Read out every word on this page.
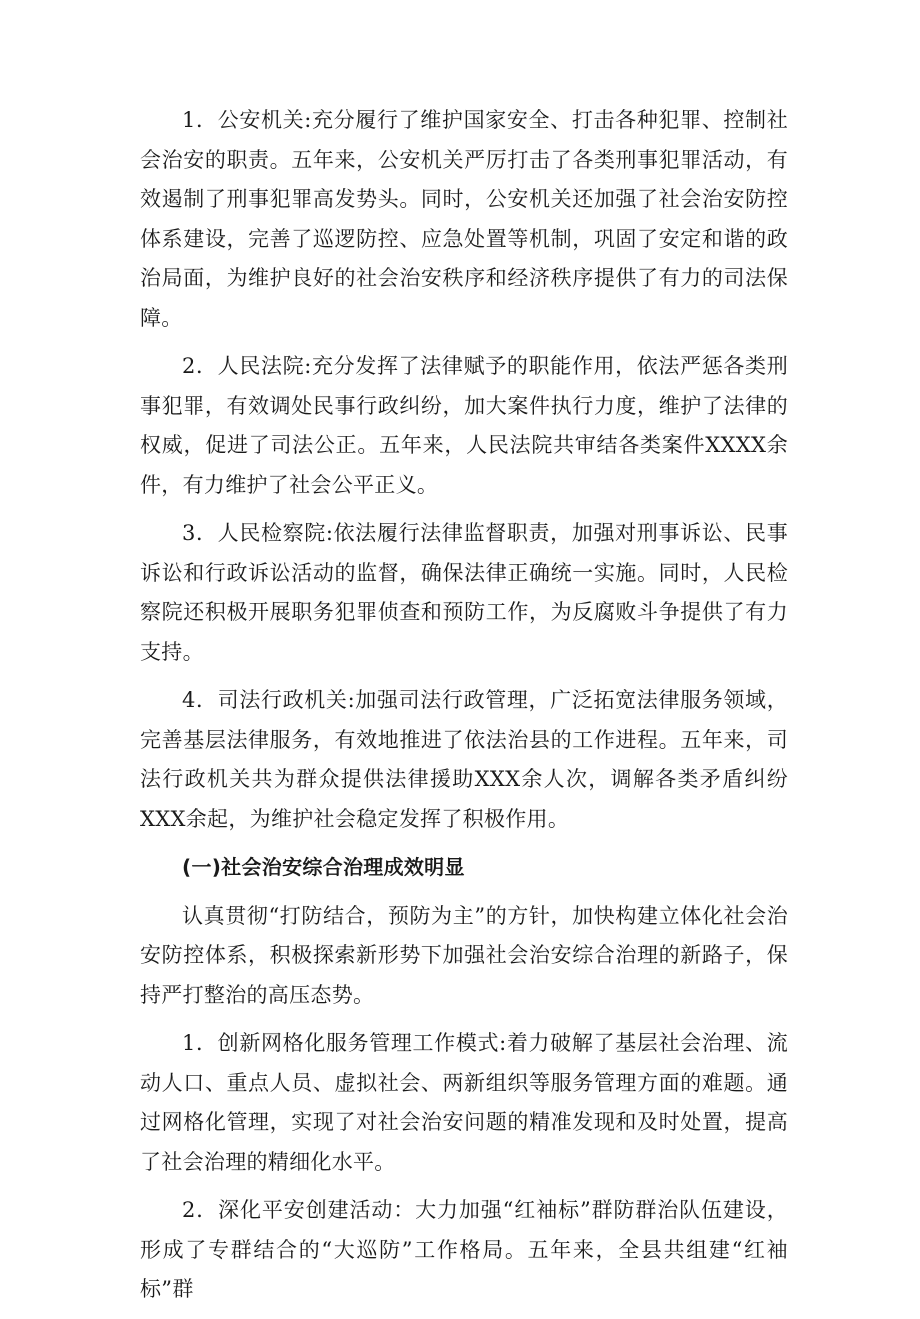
1．公安机关:充分履行了维护国家安全、打击各种犯罪、控制社会治安的职责。五年来，公安机关严厉打击了各类刑事犯罪活动，有效遏制了刑事犯罪高发势头。同时，公安机关还加强了社会治安防控体系建设，完善了巡逻防控、应急处置等机制，巩固了安定和谐的政治局面，为维护良好的社会治安秩序和经济秩序提供了有力的司法保障。

2．人民法院:充分发挥了法律赋予的职能作用，依法严惩各类刑事犯罪，有效调处民事行政纠纷，加大案件执行力度，维护了法律的权威，促进了司法公正。五年来，人民法院共审结各类案件XXXX余件，有力维护了社会公平正义。

3．人民检察院:依法履行法律监督职责，加强对刑事诉讼、民事诉讼和行政诉讼活动的监督，确保法律正确统一实施。同时，人民检察院还积极开展职务犯罪侦查和预防工作，为反腐败斗争提供了有力支持。

4．司法行政机关:加强司法行政管理，广泛拓宽法律服务领域，完善基层法律服务，有效地推进了依法治县的工作进程。五年来，司法行政机关共为群众提供法律援助XXX余人次，调解各类矛盾纠纷XXX余起，为维护社会稳定发挥了积极作用。

(一)社会治安综合治理成效明显

认真贯彻“打防结合，预防为主”的方针，加快构建立体化社会治安防控体系，积极探索新形势下加强社会治安综合治理的新路子，保持严打整治的高压态势。

1．创新网格化服务管理工作模式:着力破解了基层社会治理、流动人口、重点人员、虚拟社会、两新组织等服务管理方面的难题。通过网格化管理，实现了对社会治安问题的精准发现和及时处置，提高了社会治理的精细化水平。

2．深化平安创建活动：大力加强“红袖标”群防群治队伍建设，形成了专群结合的“大巡防”工作格局。五年来，全县共组建“红袖标”群
